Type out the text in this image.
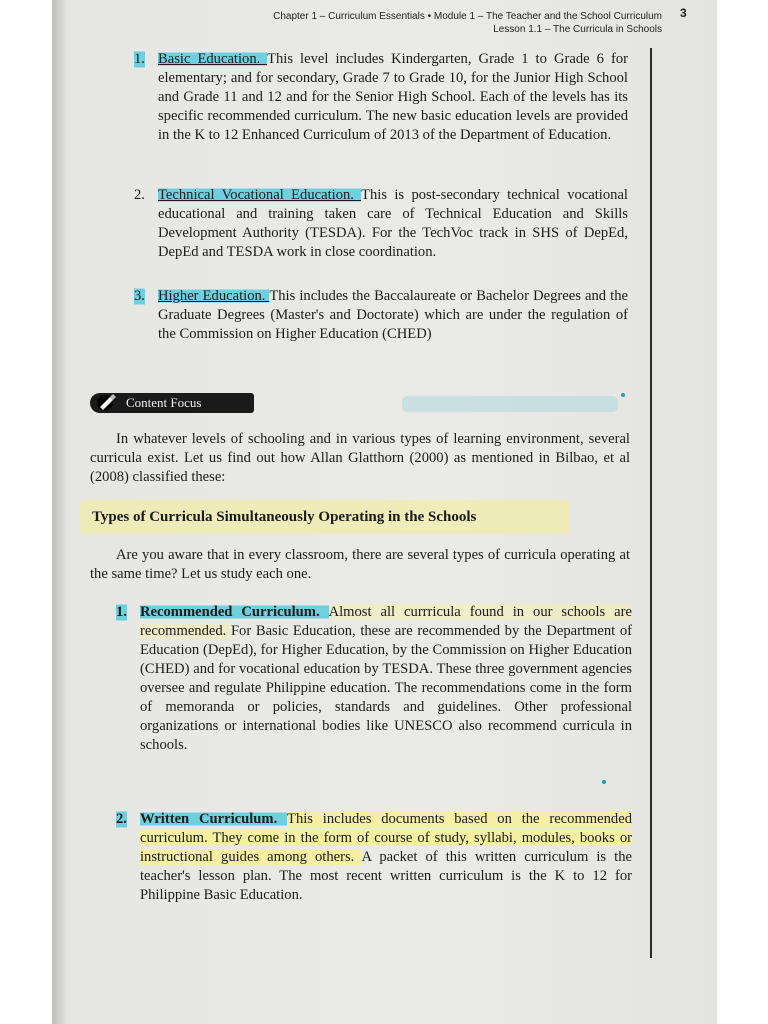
Chapter 1 – Curriculum Essentials • Module 1 – The Teacher and the School Curriculum
Lesson 1.1 – The Curricula in Schools
3
1. Basic Education. This level includes Kindergarten, Grade 1 to Grade 6 for elementary; and for secondary, Grade 7 to Grade 10, for the Junior High School and Grade 11 and 12 and for the Senior High School. Each of the levels has its specific recommended curriculum. The new basic education levels are provided in the K to 12 Enhanced Curriculum of 2013 of the Department of Education.
2. Technical Vocational Education. This is post-secondary technical vocational educational and training taken care of Technical Education and Skills Development Authority (TESDA). For the TechVoc track in SHS of DepEd, DepEd and TESDA work in close coordination.
3. Higher Education. This includes the Baccalaureate or Bachelor Degrees and the Graduate Degrees (Master's and Doctorate) which are under the regulation of the Commission on Higher Education (CHED)
Content Focus
In whatever levels of schooling and in various types of learning environment, several curricula exist. Let us find out how Allan Glatthorn (2000) as mentioned in Bilbao, et al (2008) classified these:
Types of Curricula Simultaneously Operating in the Schools
Are you aware that in every classroom, there are several types of curricula operating at the same time? Let us study each one.
1. Recommended Curriculum. Almost all currricula found in our schools are recommended. For Basic Education, these are recommended by the Department of Education (DepEd), for Higher Education, by the Commission on Higher Education (CHED) and for vocational education by TESDA. These three government agencies oversee and regulate Philippine education. The recommendations come in the form of memoranda or policies, standards and guidelines. Other professional organizations or international bodies like UNESCO also recommend curricula in schools.
2. Written Curriculum. This includes documents based on the recommended curriculum. They come in the form of course of study, syllabi, modules, books or instructional guides among others. A packet of this written curriculum is the teacher's lesson plan. The most recent written curriculum is the K to 12 for Philippine Basic Education.
